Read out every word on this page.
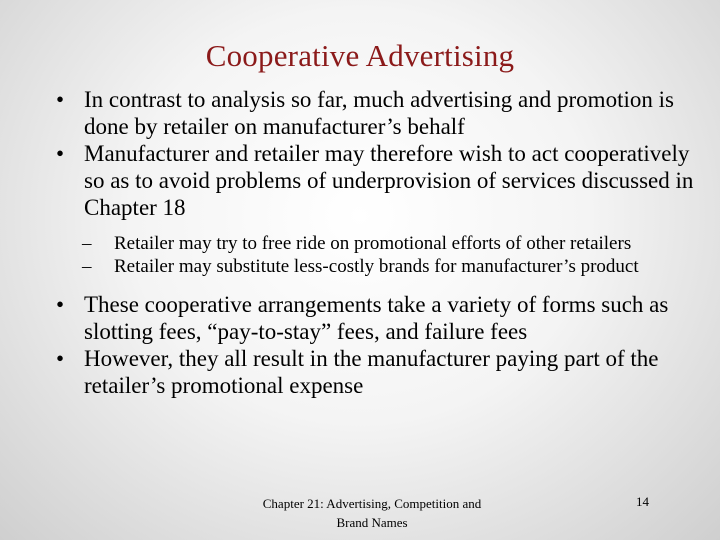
Cooperative Advertising
• In contrast to analysis so far, much advertising and promotion is done by retailer on manufacturer’s behalf
• Manufacturer and retailer may therefore wish to act cooperatively so as to avoid problems of underprovision of services discussed in Chapter 18
– Retailer may try to free ride on promotional efforts of other retailers
– Retailer may substitute less-costly brands for manufacturer’s product
• These cooperative arrangements take a variety of forms such as slotting fees, “pay-to-stay” fees, and failure fees
• However, they all result in the manufacturer paying part of the retailer’s promotional expense
Chapter 21: Advertising, Competition and Brand Names
14
